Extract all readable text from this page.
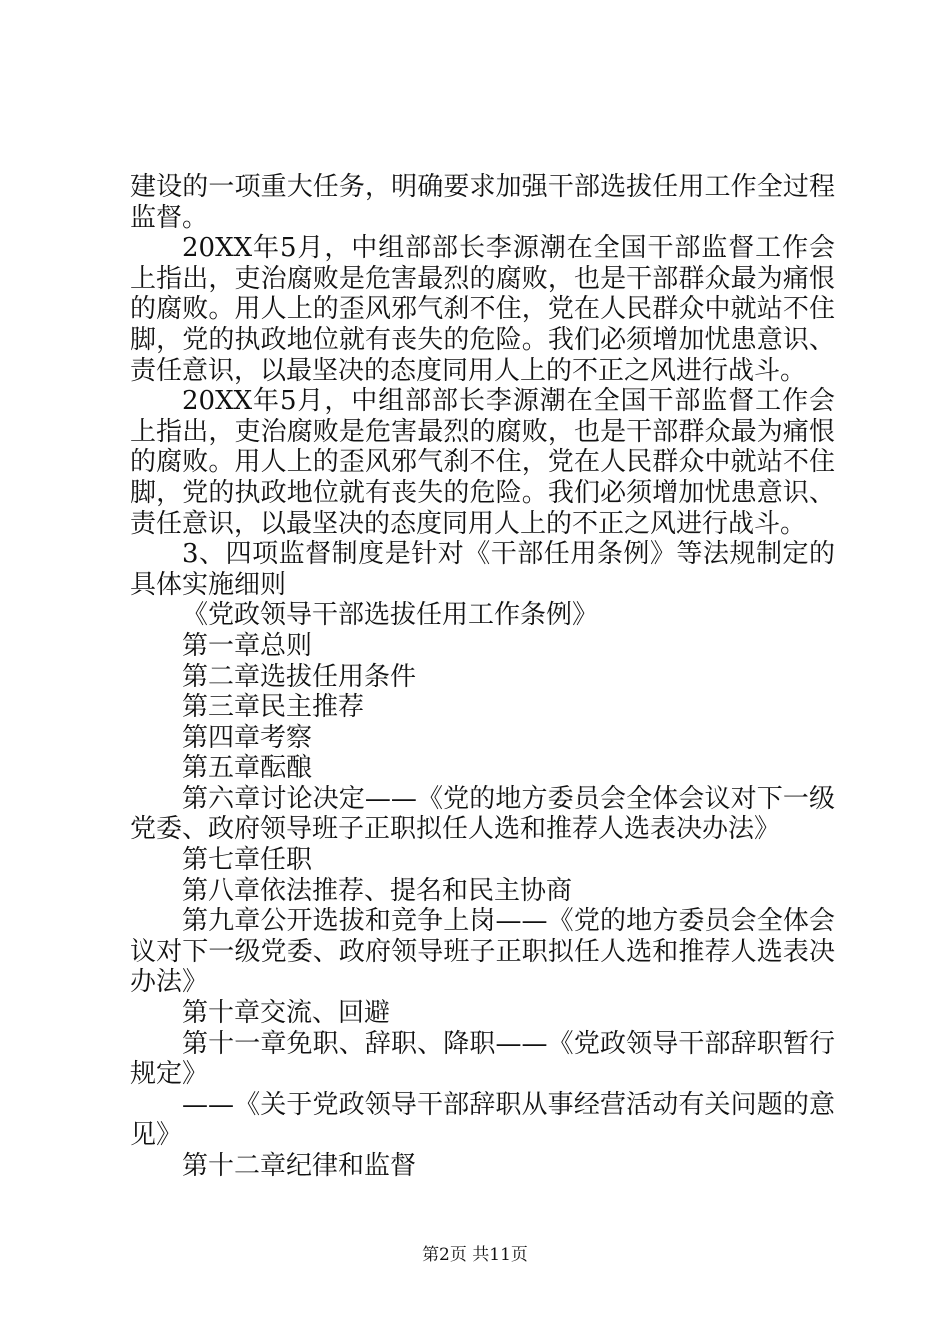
建设的一项重大任务，明确要求加强干部选拔任用工作全过程监督。

20XX年5月，中组部部长李源潮在全国干部监督工作会上指出，吏治腐败是危害最烈的腐败，也是干部群众最为痛恨的腐败。用人上的歪风邪气刹不住，党在人民群众中就站不住脚，党的执政地位就有丧失的危险。我们必须增加忧患意识、责任意识，以最坚决的态度同用人上的不正之风进行战斗。

20XX年5月，中组部部长李源潮在全国干部监督工作会上指出，吏治腐败是危害最烈的腐败，也是干部群众最为痛恨的腐败。用人上的歪风邪气刹不住，党在人民群众中就站不住脚，党的执政地位就有丧失的危险。我们必须增加忧患意识、责任意识，以最坚决的态度同用人上的不正之风进行战斗。

3、四项监督制度是针对《干部任用条例》等法规制定的具体实施细则

《党政领导干部选拔任用工作条例》

第一章总则

第二章选拔任用条件

第三章民主推荐

第四章考察

第五章酝酿

第六章讨论决定——《党的地方委员会全体会议对下一级党委、政府领导班子正职拟任人选和推荐人选表决办法》

第七章任职

第八章依法推荐、提名和民主协商

第九章公开选拔和竞争上岗——《党的地方委员会全体会议对下一级党委、政府领导班子正职拟任人选和推荐人选表决办法》

第十章交流、回避

第十一章免职、辞职、降职——《党政领导干部辞职暂行规定》

——《关于党政领导干部辞职从事经营活动有关问题的意见》

第十二章纪律和监督

第2页 共11页
